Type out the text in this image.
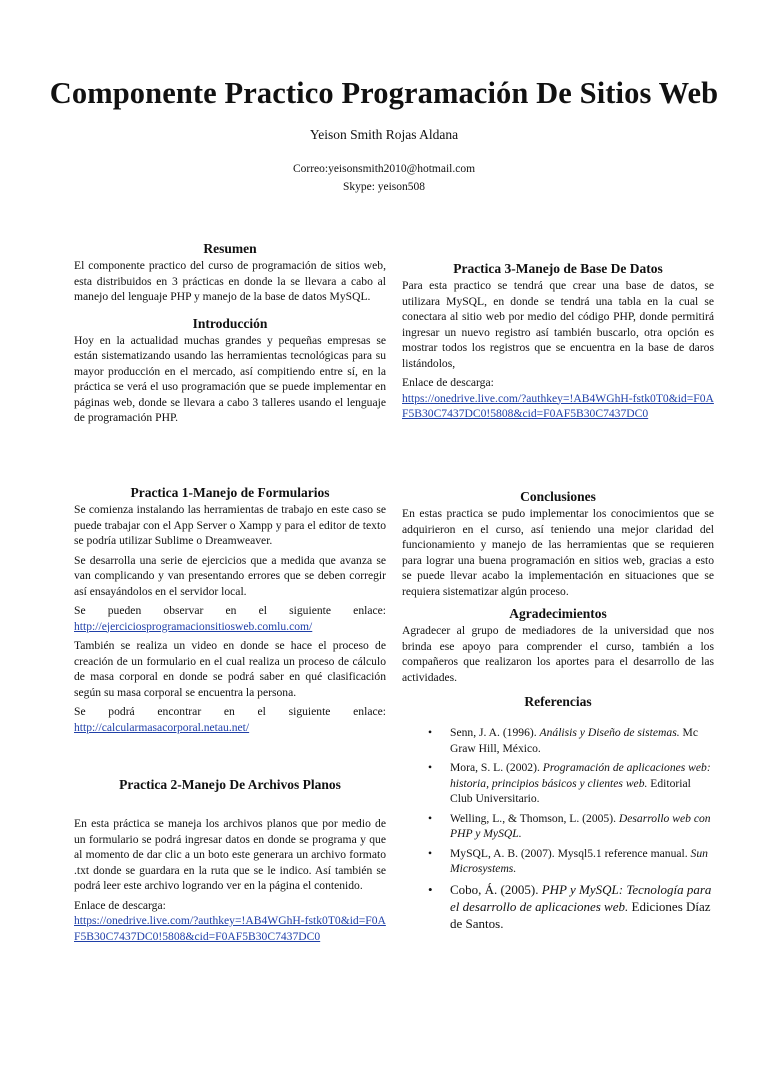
Componente Practico Programación De Sitios Web
Yeison Smith Rojas Aldana
Correo:yeisonsmith2010@hotmail.com
Skype: yeison508
Resumen

El componente practico del curso de programación de sitios web, esta distribuidos en 3 prácticas en donde la se llevara a cabo al manejo del lenguaje PHP y manejo de la base de datos MySQL.

Introducción

Hoy en la actualidad muchas grandes y pequeñas empresas se están sistematizando usando las herramientas tecnológicas para su mayor producción en el mercado, así compitiendo entre sí, en la práctica se verá el uso programación que se puede implementar en páginas web, donde se llevara a cabo 3 talleres usando el lenguaje de programación PHP.

Practica 1-Manejo de Formularios

Se comienza instalando las herramientas de trabajo en este caso se puede trabajar con el App Server o Xampp y para el editor de texto se podría utilizar Sublime o Dreamweaver.

Se desarrolla una serie de ejercicios que a medida que avanza se van complicando y van presentando errores que se deben corregir así ensayándolos en el servidor local.

Se pueden observar en el siguiente enlace:

http://ejerciciosprogramacionsitiosweb.comlu.com/

También se realiza un video en donde se hace el proceso de creación de un formulario en el cual realiza un proceso de cálculo de masa corporal en donde se podrá saber en qué clasificación según su masa corporal se encuentra la persona.

Se podrá encontrar en el siguiente enlace:

http://calcularmasacorporal.netau.net/

Practica 2-Manejo De Archivos Planos

En esta práctica se maneja los archivos planos que por medio de un formulario se podrá ingresar datos en donde se programa y que al momento de dar clic a un boto este generara un archivo formato .txt donde se guardara en la ruta que se le indico. Así también se podrá leer este archivo logrando ver en la página el contenido.

Enlace de descarga:

https://onedrive.live.com/?authkey=!AB4WGhH-fstk0T0&id=F0AF5B30C7437DC0!5808&cid=F0AF5B30C7437DC0

Practica 3-Manejo de Base De Datos

Para esta practico se tendrá que crear una base de datos, se utilizara MySQL, en donde se tendrá una tabla en la cual se conectara al sitio web por medio del código PHP, donde permitirá ingresar un nuevo registro así también buscarlo, otra opción es mostrar todos los registros que se encuentra en la base de daros listándolos,

Enlace de descarga:

https://onedrive.live.com/?authkey=!AB4WGhH-fstk0T0&id=F0AF5B30C7437DC0!5808&cid=F0AF5B30C7437DC0

Conclusiones

En estas practica se pudo implementar los conocimientos que se adquirieron en el curso, así teniendo una mejor claridad del funcionamiento y manejo de las herramientas que se requieren para lograr una buena programación en sitios web, gracias a esto se puede llevar acabo la implementación en situaciones que se requiera sistematizar algún proceso.

Agradecimientos

Agradecer al grupo de mediadores de la universidad que nos brinda ese apoyo para comprender el curso, también a los compañeros que realizaron los aportes para el desarrollo de las actividades.

Referencias
• Senn, J. A. (1996). Análisis y Diseño de sistemas. Mc Graw Hill, México.
• Mora, S. L. (2002). Programación de aplicaciones web: historia, principios básicos y clientes web. Editorial Club Universitario.
• Welling, L., & Thomson, L. (2005). Desarrollo web con PHP y MySQL.
• MySQL, A. B. (2007). Mysql5.1 reference manual. Sun Microsystems.
• Cobo, Á. (2005). PHP y MySQL: Tecnología para el desarrollo de aplicaciones web. Ediciones Díaz de Santos.
